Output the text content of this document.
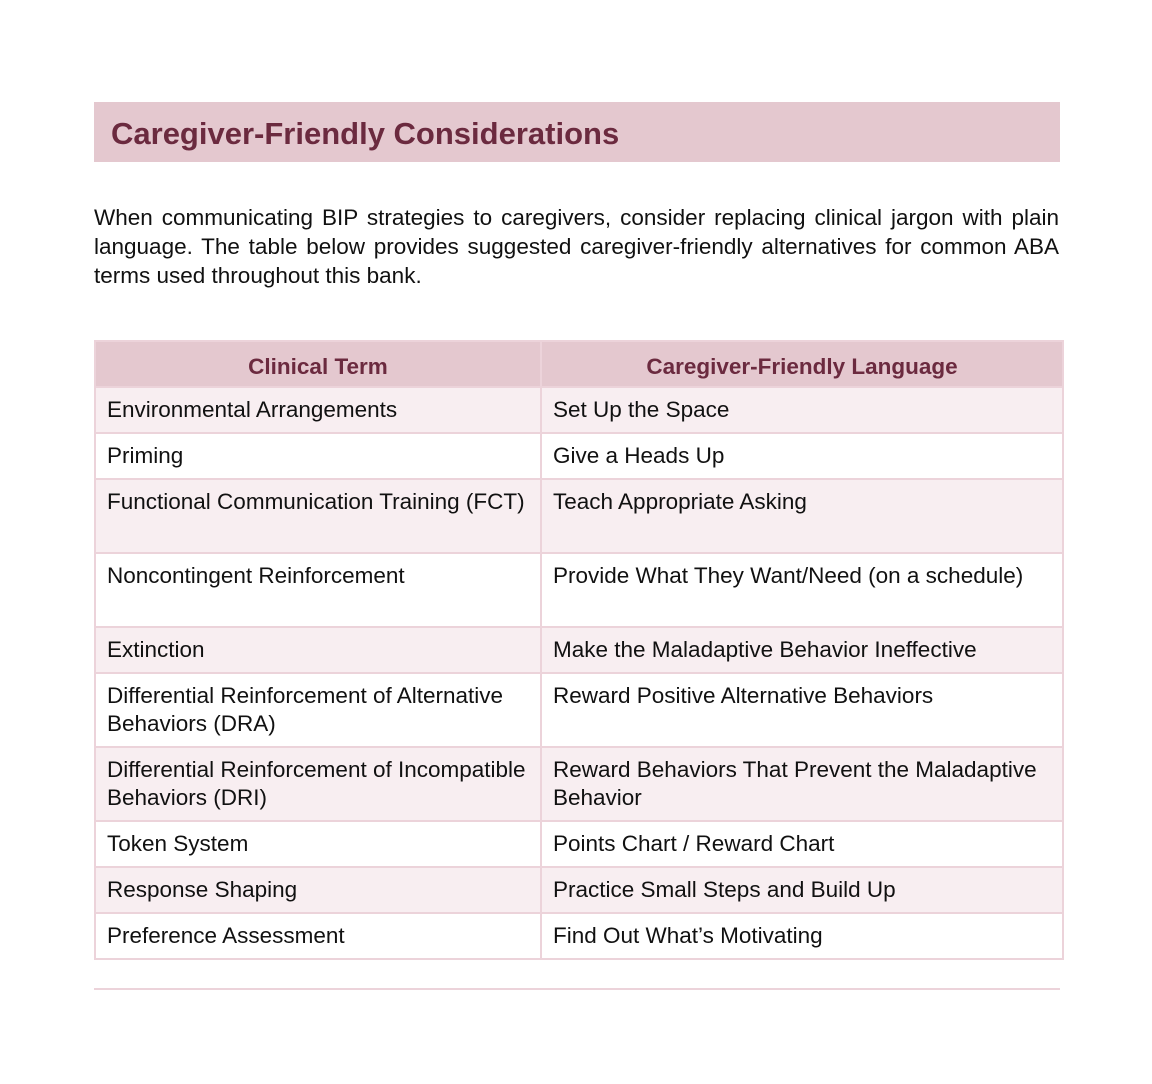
Caregiver-Friendly Considerations

When communicating BIP strategies to caregivers, consider replacing clinical jargon with plain language. The table below provides suggested caregiver-friendly alternatives for common ABA terms used throughout this bank.

Clinical Term	Caregiver-Friendly Language
Environmental Arrangements	Set Up the Space
Priming	Give a Heads Up
Functional Communication Training (FCT)	Teach Appropriate Asking
Noncontingent Reinforcement	Provide What They Want/Need (on a schedule)
Extinction	Make the Maladaptive Behavior Ineffective
Differential Reinforcement of Alternative Behaviors (DRA)	Reward Positive Alternative Behaviors
Differential Reinforcement of Incompatible Behaviors (DRI)	Reward Behaviors That Prevent the Maladaptive Behavior
Token System	Points Chart / Reward Chart
Response Shaping	Practice Small Steps and Build Up
Preference Assessment	Find Out What’s Motivating
